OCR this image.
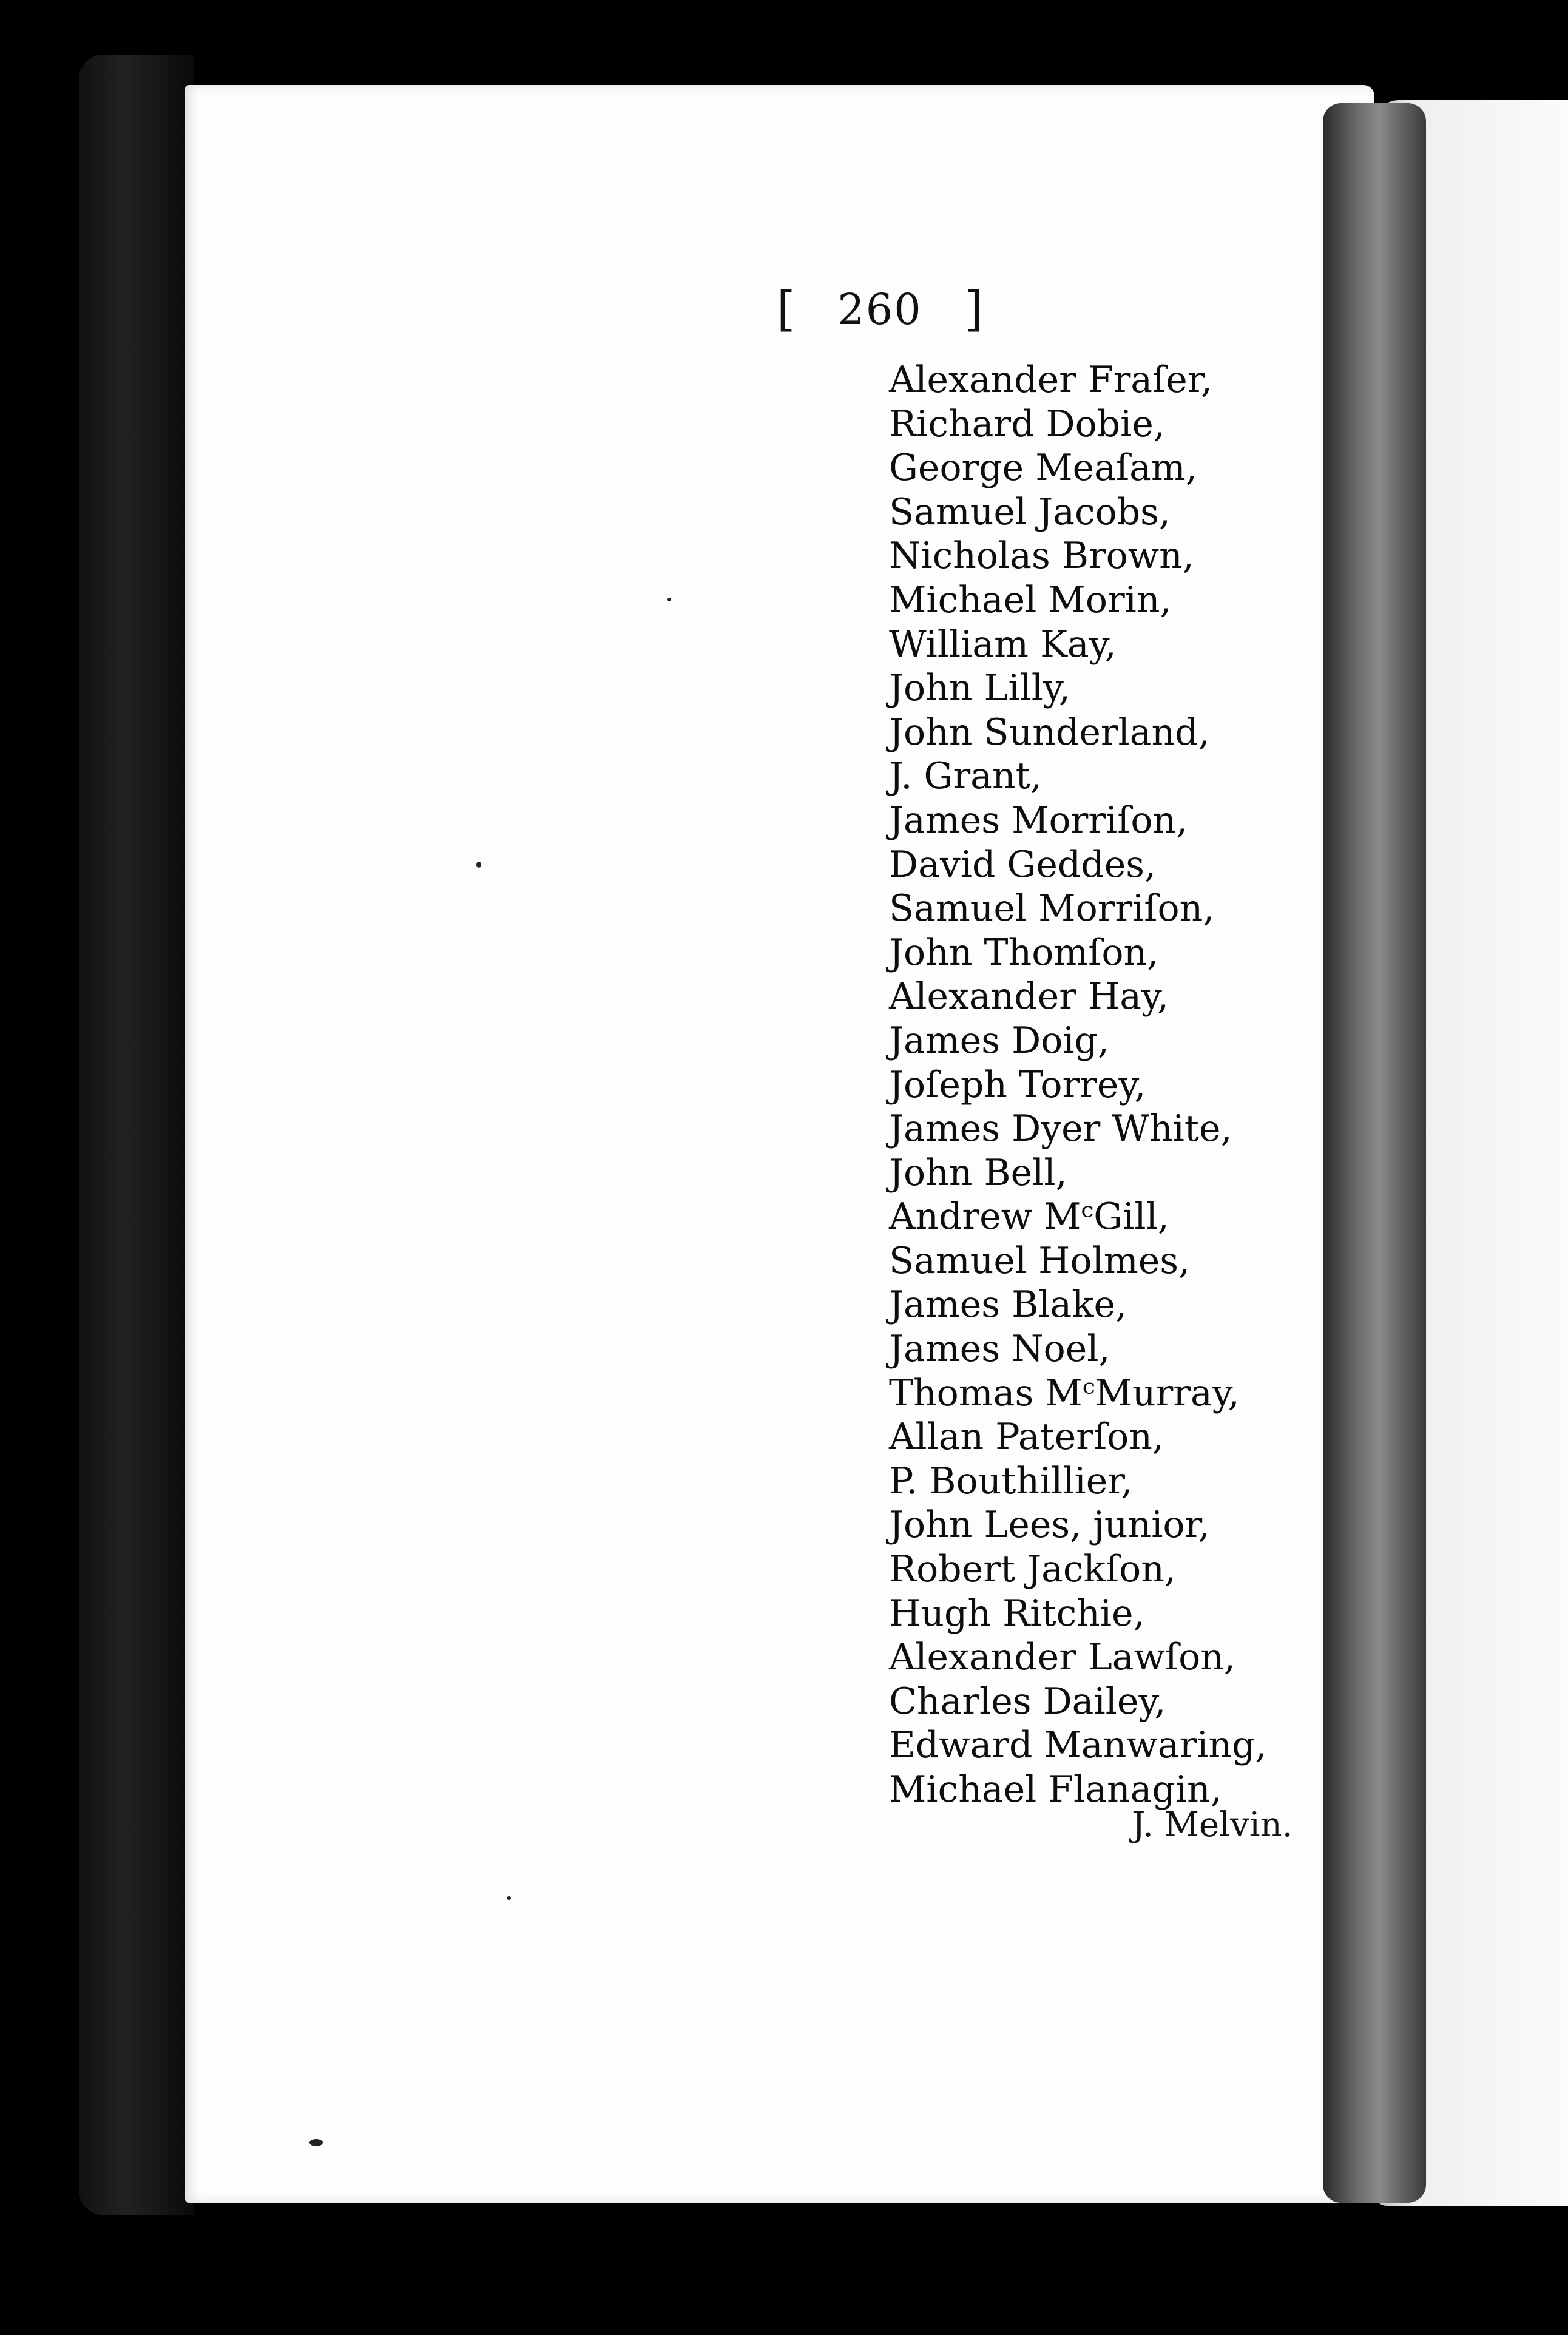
[ 260 ]
Alexander Fraſer,
Richard Dobie,
George Meaſam,
Samuel Jacobs,
Nicholas Brown,
Michael Morin,
William Kay,
John Lilly,
John Sunderland,
J. Grant,
James Morriſon,
David Geddes,
Samuel Morriſon,
John Thomſon,
Alexander Hay,
James Doig,
Joſeph Torrey,
James Dyer White,
John Bell,
Andrew MᶜGill,
Samuel Holmes,
James Blake,
James Noel,
Thomas MᶜMurray,
Allan Paterſon,
P. Bouthillier,
John Lees, junior,
Robert Jackſon,
Hugh Ritchie,
Alexander Lawſon,
Charles Dailey,
Edward Manwaring,
Michael Flanagin,
J. Melvin.
